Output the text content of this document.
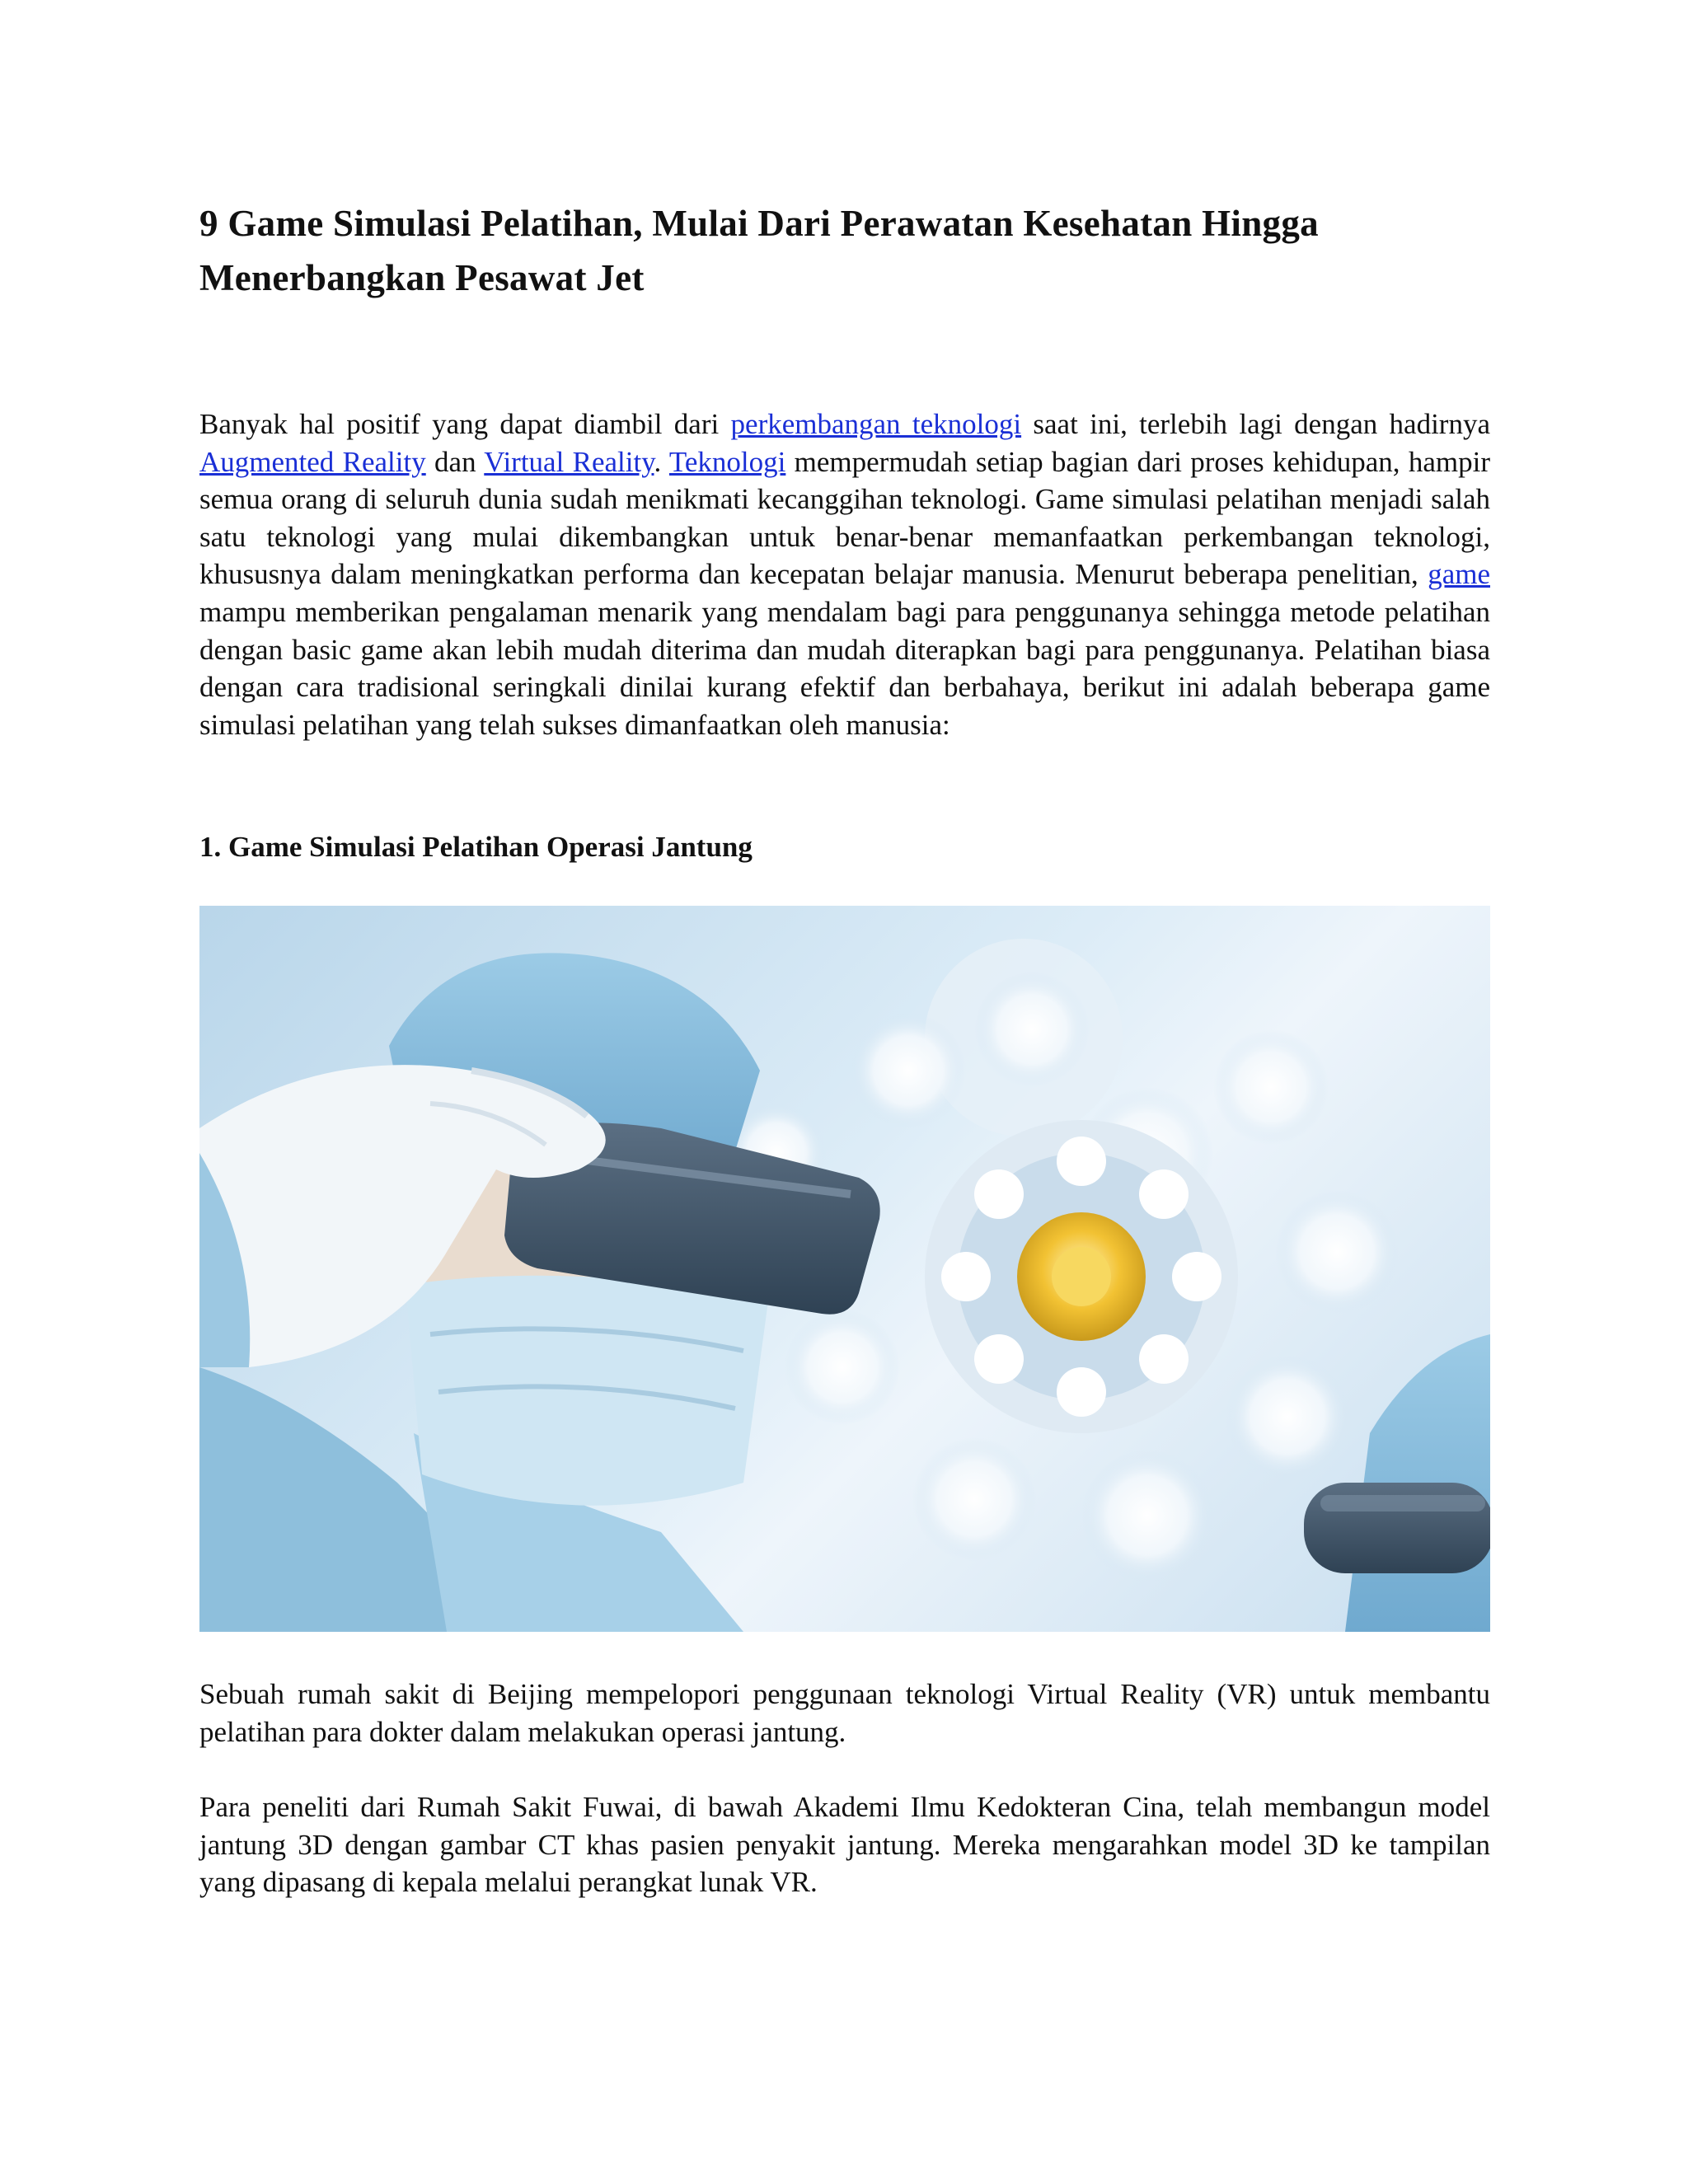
9 Game Simulasi Pelatihan, Mulai Dari Perawatan Kesehatan Hingga Menerbangkan Pesawat Jet

Banyak hal positif yang dapat diambil dari perkembangan teknologi saat ini, terlebih lagi dengan hadirnya Augmented Reality dan Virtual Reality. Teknologi mempermudah setiap bagian dari proses kehidupan, hampir semua orang di seluruh dunia sudah menikmati kecanggihan teknologi. Game simulasi pelatihan menjadi salah satu teknologi yang mulai dikembangkan untuk benar-benar memanfaatkan perkembangan teknologi, khususnya dalam meningkatkan performa dan kecepatan belajar manusia. Menurut beberapa penelitian, game mampu memberikan pengalaman menarik yang mendalam bagi para penggunanya sehingga metode pelatihan dengan basic game akan lebih mudah diterima dan mudah diterapkan bagi para penggunanya. Pelatihan biasa dengan cara tradisional seringkali dinilai kurang efektif dan berbahaya, berikut ini adalah beberapa game simulasi pelatihan yang telah sukses dimanfaatkan oleh manusia:

1. Game Simulasi Pelatihan Operasi Jantung

Sebuah rumah sakit di Beijing mempelopori penggunaan teknologi Virtual Reality (VR) untuk membantu pelatihan para dokter dalam melakukan operasi jantung.

Para peneliti dari Rumah Sakit Fuwai, di bawah Akademi Ilmu Kedokteran Cina, telah membangun model jantung 3D dengan gambar CT khas pasien penyakit jantung. Mereka mengarahkan model 3D ke tampilan yang dipasang di kepala melalui perangkat lunak VR.
